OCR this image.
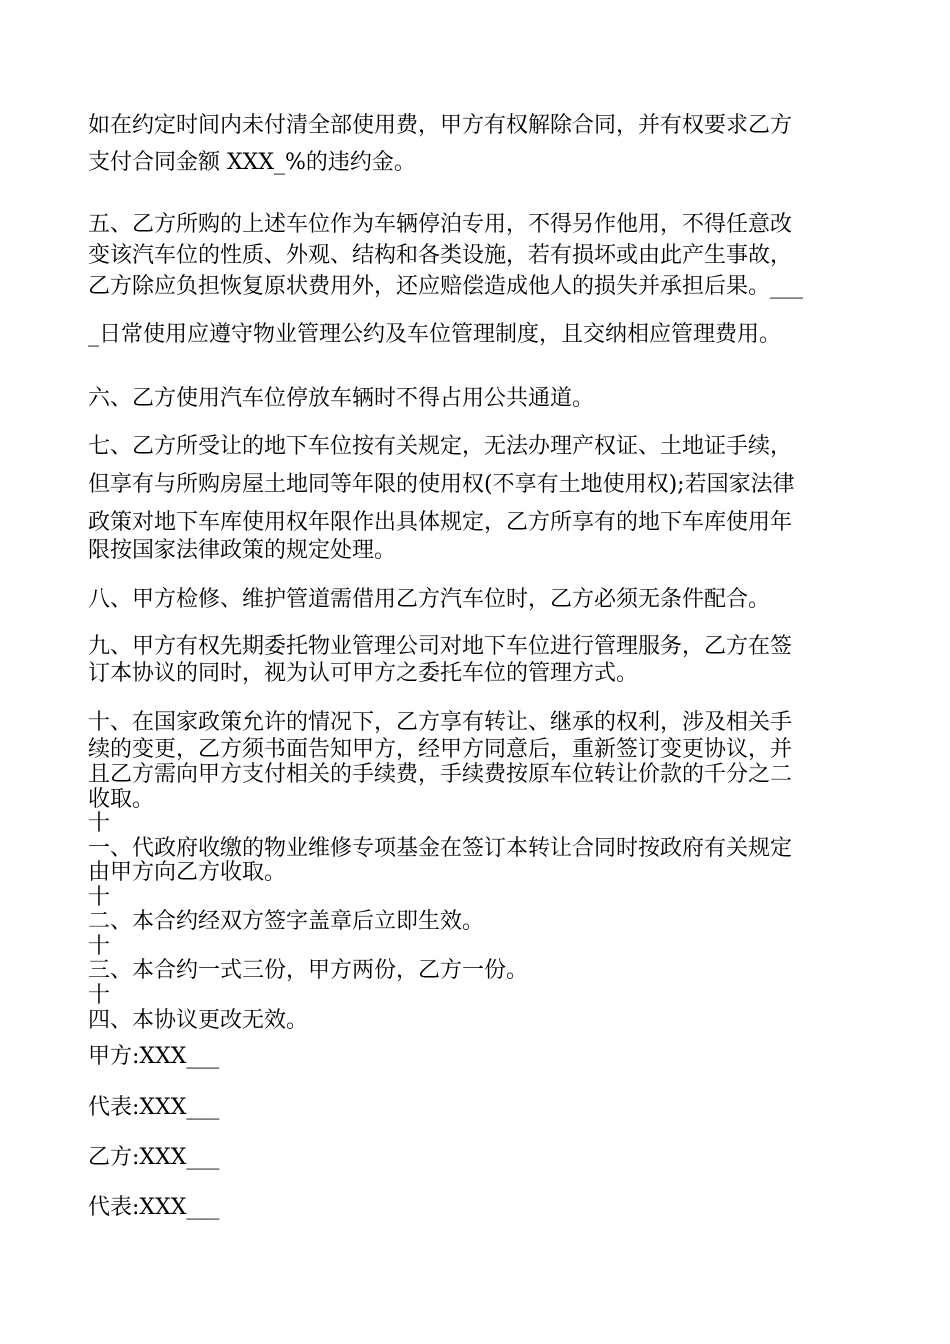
如在约定时间内未付清全部使用费，甲方有权解除合同，并有权要求乙方
支付合同金额 XXX_%的违约金。
五、乙方所购的上述车位作为车辆停泊专用，不得另作他用，不得任意改
变该汽车位的性质、外观、结构和各类设施，若有损坏或由此产生事故，
乙方除应负担恢复原状费用外，还应赔偿造成他人的损失并承担后果。___
_日常使用应遵守物业管理公约及车位管理制度，且交纳相应管理费用。
六、乙方使用汽车位停放车辆时不得占用公共通道。
七、乙方所受让的地下车位按有关规定，无法办理产权证、土地证手续，
但享有与所购房屋土地同等年限的使用权(不享有土地使用权);若国家法律
政策对地下车库使用权年限作出具体规定，乙方所享有的地下车库使用年
限按国家法律政策的规定处理。
八、甲方检修、维护管道需借用乙方汽车位时，乙方必须无条件配合。
九、甲方有权先期委托物业管理公司对地下车位进行管理服务，乙方在签
订本协议的同时，视为认可甲方之委托车位的管理方式。
十、在国家政策允许的情况下，乙方享有转让、继承的权利，涉及相关手
续的变更，乙方须书面告知甲方，经甲方同意后，重新签订变更协议，并
且乙方需向甲方支付相关的手续费，手续费按原车位转让价款的千分之二
收取。
十
一、代政府收缴的物业维修专项基金在签订本转让合同时按政府有关规定
由甲方向乙方收取。
十
二、本合约经双方签字盖章后立即生效。
十
三、本合约一式三份，甲方两份，乙方一份。
十
四、本协议更改无效。
甲方:XXX___
代表:XXX___
乙方:XXX___
代表:XXX___
